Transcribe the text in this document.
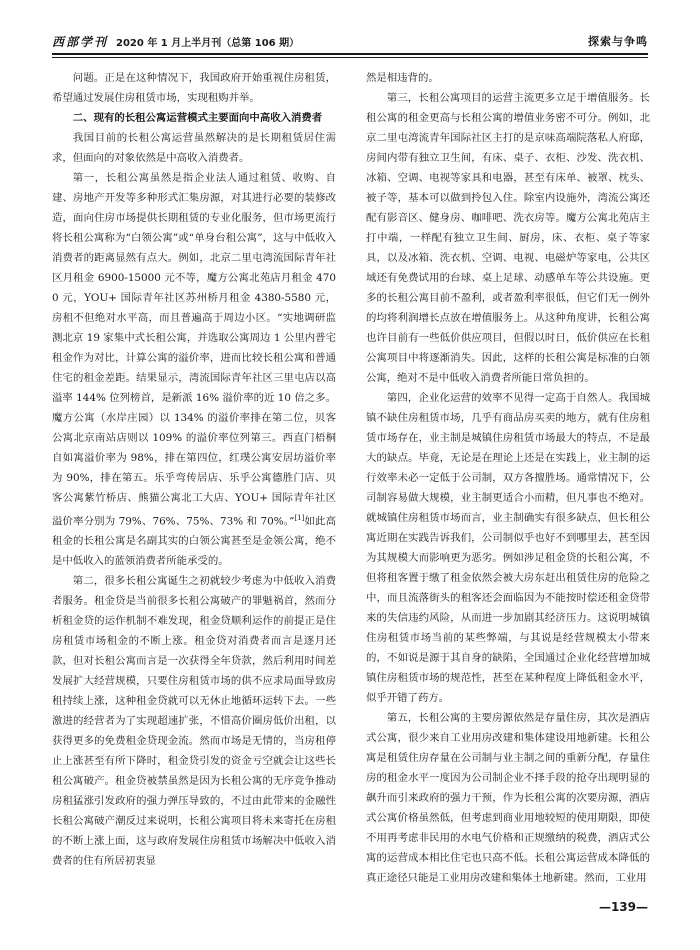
西部学刊 2020 年 1 月上半月刊（总第 106 期）	探索与争鸣

问题。正是在这种情况下，我国政府开始重视住房租赁，希望通过发展住房租赁市场，实现租购并举。

二、现有的长租公寓运营模式主要面向中高收入消费者

我国目前的长租公寓运营虽然解决的是长期租赁居住需求，但面向的对象依然是中高收入消费者。

第一，长租公寓虽然是指企业法人通过租赁、收购、自建、房地产开发等多种形式汇集房源，对其进行必要的装修改造，面向住房市场提供长期租赁的专业化服务，但市场更流行将长租公寓称为“白领公寓”或“单身台租公寓”，这与中低收入消费者的距离显然有点大。例如，北京二里屯湾流国际青年社区月租金 6900-15000 元不等，魔方公寓北苑店月租金 4700 元，YOU+ 国际青年社区苏州桥月租金 4380-5580 元，房租不但绝对水平高，而且普遍高于周边小区。“实地调研监测北京 19 家集中式长租公寓，并选取公寓周边 1 公里内普宅租金作为对比，计算公寓的溢价率，进而比较长租公寓和普通住宅的租金差距。结果显示，湾流国际青年社区三里屯店以高溢率 144% 位列榜首，是新派 16% 溢价率的近 10 倍之多。魔方公寓（水岸庄园）以 134% 的溢价率排在第二位，贝客公寓北京南站店则以 109% 的溢价率位列第三。西直门梧桐自如寓溢价率为 98%，排在第四位，红璞公寓安居坊溢价率为 90%，排在第五。乐乎弯传居店、乐乎公寓德胜门店、贝客公寓紫竹桥店、熊猫公寓北工大店、YOU+ 国际青年社区溢价率分别为 79%、76%、75%、73% 和 70%。”[1]如此高租金的长租公寓是名副其实的白领公寓甚至是金领公寓，绝不是中低收入的蓝领消费者所能承受的。

第二，很多长租公寓诞生之初就较少考虑为中低收入消费者服务。租金贷是当前很多长租公寓破产的罪魁祸首，然而分析租金贷的运作机制不难发现，租金贷顺利运作的前提正是住房租赁市场租金的不断上涨。租金贷对消费者而言是逐月还款，但对长租公寓而言是一次获得全年贷款，然后利用时间差发展扩大经营规模，只要住房租赁市场的供不应求局面导致房租持续上涨，这种租金贷就可以无休止地循环运转下去。一些激进的经营者为了实现超速扩张，不惜高价圈房低价出租，以获得更多的免费租金贷现金流。然而市场是无情的，当房租停止上涨甚至有所下降时，租金贷引发的资金亏空就会让这些长租公寓破产。租金贷被禁虽然是因为长租公寓的无序竞争推动房租猛涨引发政府的强力弹压导致的，不过由此带来的金融性长租公寓破产潮反过来说明，长租公寓项目将未来寄托在房租的不断上涨上面，这与政府发展住房租赁市场解决中低收入消费者的住有所居初衷显

然是相违背的。

第三，长租公寓项目的运营主流更多立足于增值服务。长租公寓的租金更高与长租公寓的增值业务密不可分。例如，北京二里屯湾流青年国际社区主打的是京味高端院落私人府邸，房间内带有独立卫生间，有床、桌子、衣柜、沙发、洗衣机、冰箱、空调、电视等家具和电器，甚至有床单、被罩、枕头、被子等，基本可以做到拎包入住。除室内设施外，湾流公寓还配有影音区、健身房、咖啡吧、洗衣房等。魔方公寓北苑店主打中端，一样配有独立卫生间、厨房，床、衣柜、桌子等家具，以及冰箱、洗衣机、空调、电视、电磁炉等家电，公共区域还有免费试用的台球、桌上足球、动感单车等公共设施。更多的长租公寓目前不盈利，或者盈利率很低，但它们无一例外的均将利润增长点放在增值服务上。从这种角度讲，长租公寓也许目前有一些低价供应项目，但假以时日，低价供应在长租公寓项目中将逐渐消失。因此，这样的长租公寓是标准的白领公寓，绝对不是中低收入消费者所能日常负担的。

第四，企业化运营的效率不见得一定高于自然人。我国城镇不缺住房租赁市场，几乎有商品房买卖的地方，就有住房租赁市场存在，业主制是城镇住房租赁市场最大的特点，不是最大的缺点。毕竟，无论是在理论上还是在实践上，业主制的运行效率未必一定低于公司制，双方各擅胜场。通常情况下，公司制容易做大规模，业主制更适合小而精，但凡事也不绝对。就城镇住房租赁市场而言，业主制确实有很多缺点，但长租公寓近期在实践告诉我们，公司制似乎也好不到哪里去，甚至因为其规模大而影响更为恶劣。例如涉足租金贷的长租公寓，不但将租客置于缴了租金依然会被大房东赶出租赁住房的危险之中，而且流落街头的租客还会面临因为不能按时偿还租金贷带来的失信违约风险，从而进一步加剧其经济压力。这说明城镇住房租赁市场当前的某些弊端，与其说是经营规模太小带来的，不如说是源于其自身的缺陷，全国通过企业化经营增加城镇住房租赁市场的规范性，甚至在某种程度上降低租金水平，似乎开错了药方。

第五，长租公寓的主要房源依然是存量住房，其次是酒店式公寓，很少来自工业用房改建和集体建设用地新建。长租公寓是租赁住房存量在公司制与业主制之间的重新分配，存量住房的租金水平一度因为公司制企业不择手段的抢夺出现明显的飙升而引来政府的强力干预，作为长租公寓的次要房源，酒店式公寓价格虽然低，但考虑到商业用地较短的使用期限，即使不用再考虑非民用的水电气价格和正规缴纳的税费，酒店式公寓的运营成本相比住宅也只高不低。长租公寓运营成本降低的真正途径只能是工业用房改建和集体土地新建。然而，工业用

—139—
